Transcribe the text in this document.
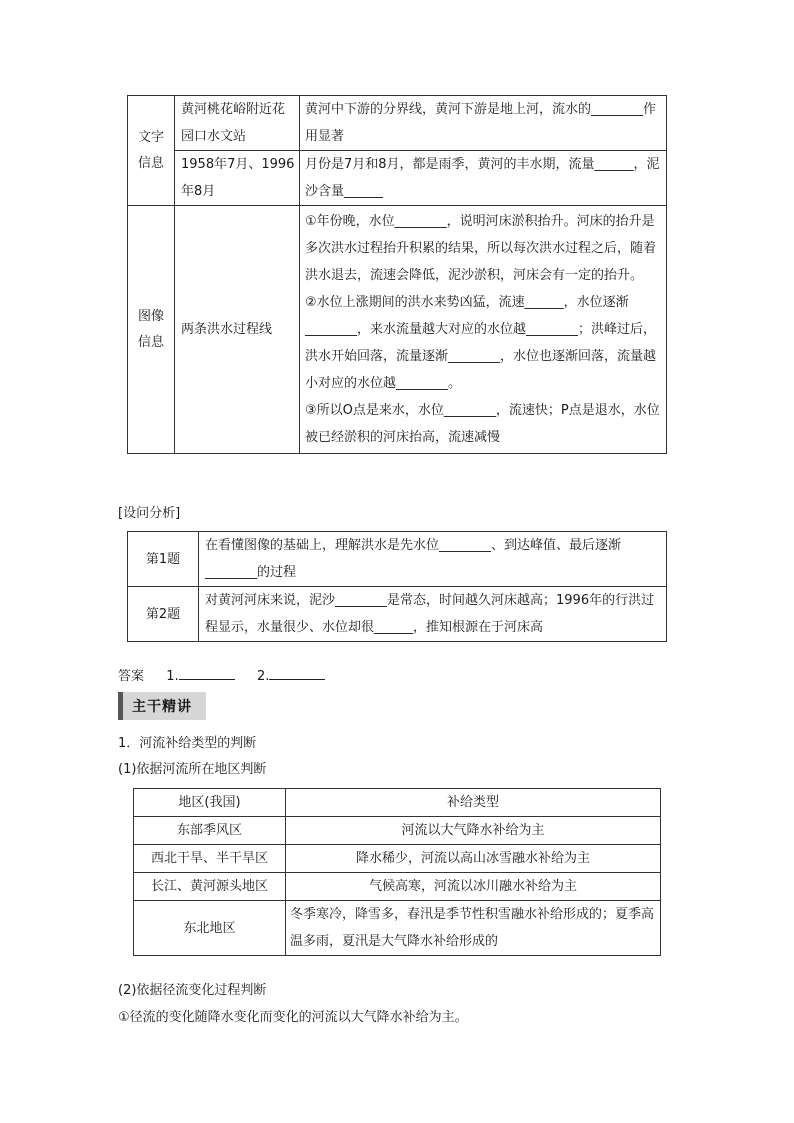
文字信息	黄河桃花峪附近花园口水文站	黄河中下游的分界线，黄河下游是地上河，流水的________作用显著
	1958年7月、1996年8月	月份是7月和8月，都是雨季，黄河的丰水期，流量______，泥沙含量______

图像信息	两条洪水过程线	①年份晚，水位________，说明河床淤积抬升。河床的抬升是多次洪水过程抬升积累的结果，所以每次洪水过程之后，随着洪水退去，流速会降低，泥沙淤积，河床会有一定的抬升。
②水位上涨期间的洪水来势凶猛，流速______，水位逐渐________，来水流量越大对应的水位越________；洪峰过后，洪水开始回落，流量逐渐________，水位也逐渐回落，流量越小对应的水位越________。
③所以O点是来水，水位________，流速快；P点是退水，水位被已经淤积的河床抬高，流速减慢
[设问分析]
第1题	在看懂图像的基础上，理解洪水是先水位________、到达峰值、最后逐渐________的过程
第2题	对黄河河床来说，泥沙________是常态，时间越久河床越高；1996年的行洪过程显示，水量很少、水位却很______，推知根源在于河床高
答案 1.	2.
主干精讲
1．河流补给类型的判断
(1)依据河流所在地区判断
地区(我国)	补给类型
东部季风区	河流以大气降水补给为主
西北干旱、半干旱区	降水稀少，河流以高山冰雪融水补给为主
长江、黄河源头地区	气候高寒，河流以冰川融水补给为主
东北地区	冬季寒冷，降雪多，春汛是季节性积雪融水补给形成的；夏季高温多雨，夏汛是大气降水补给形成的
(2)依据径流变化过程判断
①径流的变化随降水变化而变化的河流以大气降水补给为主。
